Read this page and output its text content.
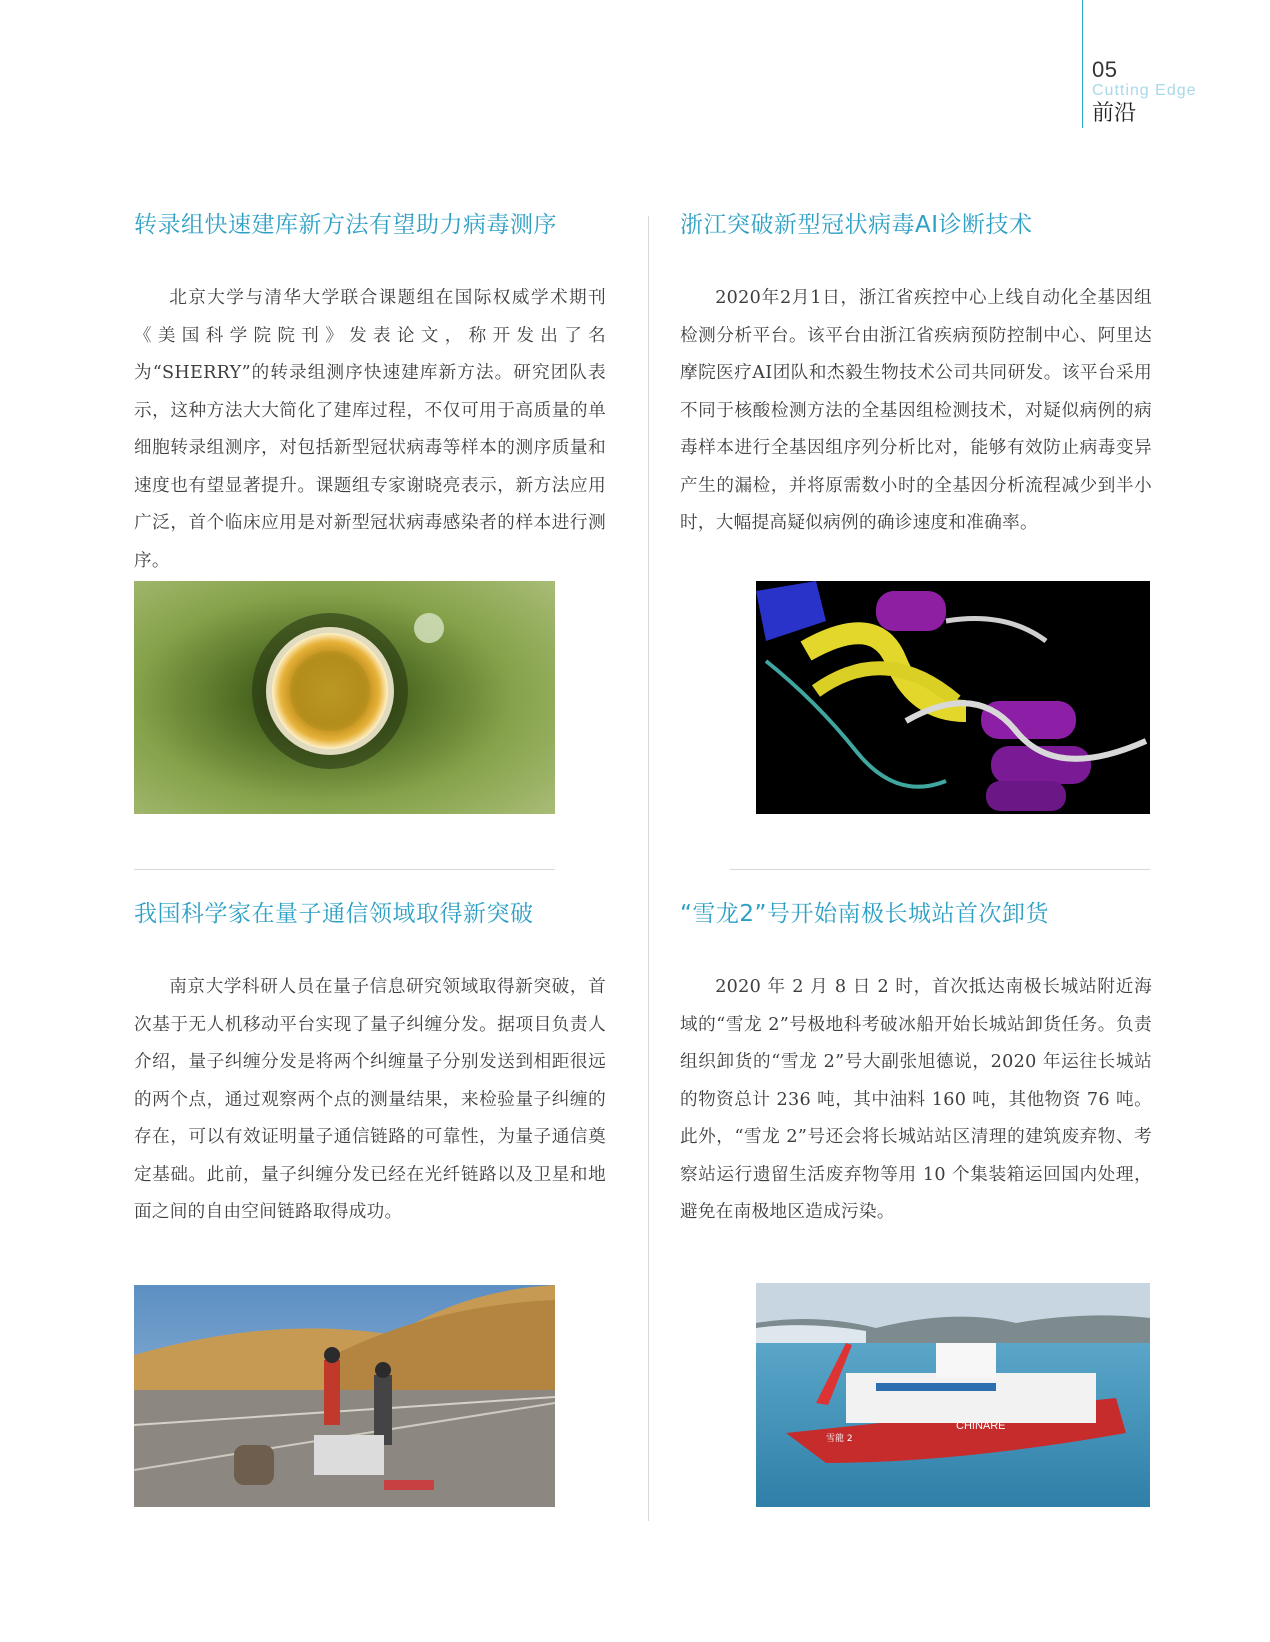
05
Cutting Edge
前沿
转录组快速建库新方法有望助力病毒测序

北京大学与清华大学联合课题组在国际权威学术期刊《美国科学院院刊》发表论文，称开发出了名为“SHERRY”的转录组测序快速建库新方法。研究团队表示，这种方法大大简化了建库过程，不仅可用于高质量的单细胞转录组测序，对包括新型冠状病毒等样本的测序质量和速度也有望显著提升。课题组专家谢晓亮表示，新方法应用广泛，首个临床应用是对新型冠状病毒感染者的样本进行测序。

浙江突破新型冠状病毒AI诊断技术

2020年2月1日，浙江省疾控中心上线自动化全基因组检测分析平台。该平台由浙江省疾病预防控制中心、阿里达摩院医疗AI团队和杰毅生物技术公司共同研发。该平台采用不同于核酸检测方法的全基因组检测技术，对疑似病例的病毒样本进行全基因组序列分析比对，能够有效防止病毒变异产生的漏检，并将原需数小时的全基因分析流程减少到半小时，大幅提高疑似病例的确诊速度和准确率。

我国科学家在量子通信领域取得新突破

南京大学科研人员在量子信息研究领域取得新突破，首次基于无人机移动平台实现了量子纠缠分发。据项目负责人介绍，量子纠缠分发是将两个纠缠量子分别发送到相距很远的两个点，通过观察两个点的测量结果，来检验量子纠缠的存在，可以有效证明量子通信链路的可靠性，为量子通信奠定基础。此前，量子纠缠分发已经在光纤链路以及卫星和地面之间的自由空间链路取得成功。

“雪龙2”号开始南极长城站首次卸货

2020 年 2 月 8 日 2 时，首次抵达南极长城站附近海域的“雪龙 2”号极地科考破冰船开始长城站卸货任务。负责组织卸货的“雪龙 2”号大副张旭德说，2020 年运往长城站的物资总计 236 吨，其中油料 160 吨，其他物资 76 吨。此外，“雪龙 2”号还会将长城站站区清理的建筑废弃物、考察站运行遗留生活废弃物等用 10 个集装箱运回国内处理，避免在南极地区造成污染。

雪龍 2
CHINARE
